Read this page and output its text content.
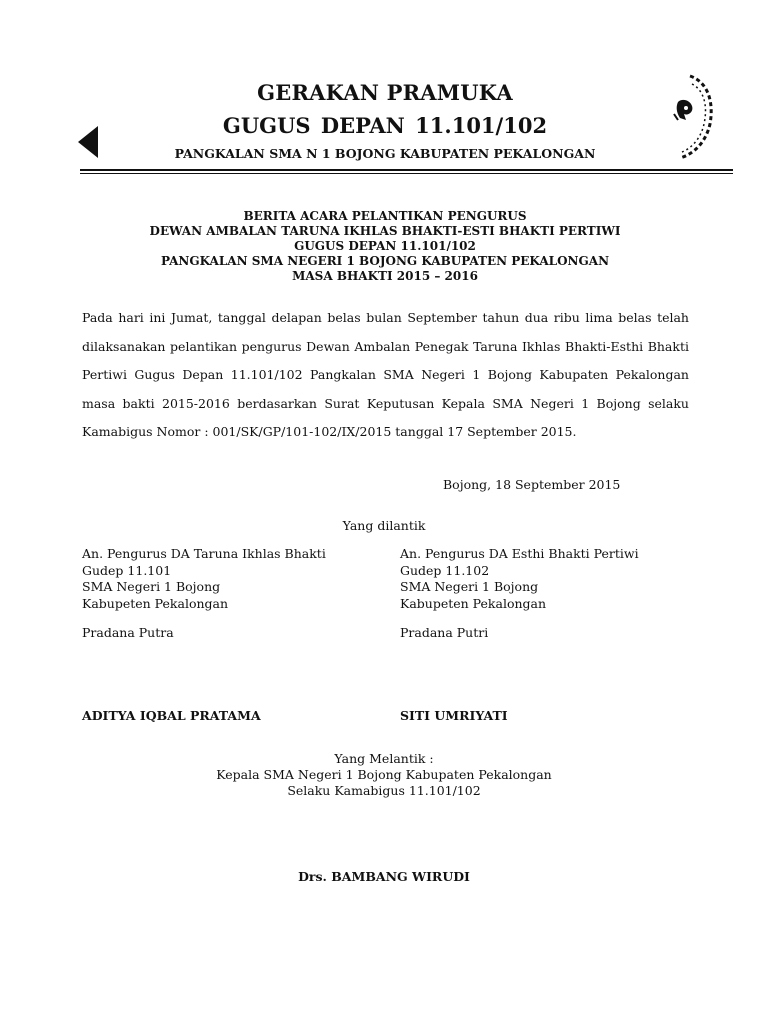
GERAKAN PRAMUKA
GUGUS DEPAN 11.101/102
PANGKALAN SMA N 1 BOJONG KABUPATEN PEKALONGAN
BERITA ACARA PELANTIKAN PENGURUS
DEWAN AMBALAN TARUNA IKHLAS BHAKTI-ESTI BHAKTI PERTIWI
GUGUS DEPAN 11.101/102
PANGKALAN SMA NEGERI 1 BOJONG KABUPATEN PEKALONGAN
MASA BHAKTI 2015 – 2016
Pada hari ini Jumat, tanggal delapan belas bulan September tahun dua ribu lima belas telah dilaksanakan pelantikan pengurus Dewan Ambalan Penegak Taruna Ikhlas Bhakti-Esthi Bhakti Pertiwi Gugus Depan 11.101/102 Pangkalan SMA Negeri 1 Bojong Kabupaten Pekalongan masa bakti 2015-2016 berdasarkan Surat Keputusan Kepala SMA Negeri 1 Bojong selaku Kamabigus Nomor : 001/SK/GP/101-102/IX/2015 tanggal 17 September 2015.
Bojong, 18 September 2015
Yang dilantik
An. Pengurus DA Taruna Ikhlas Bhakti
Gudep 11.101
SMA Negeri 1 Bojong
Kabupeten Pekalongan
An. Pengurus DA Esthi Bhakti Pertiwi
Gudep 11.102
SMA Negeri 1 Bojong
Kabupeten Pekalongan
Pradana Putra	Pradana Putri
ADITYA IQBAL PRATAMA	SITI UMRIYATI
Yang Melantik :
Kepala SMA Negeri 1 Bojong Kabupaten Pekalongan
Selaku Kamabigus 11.101/102
Drs. BAMBANG WIRUDI
